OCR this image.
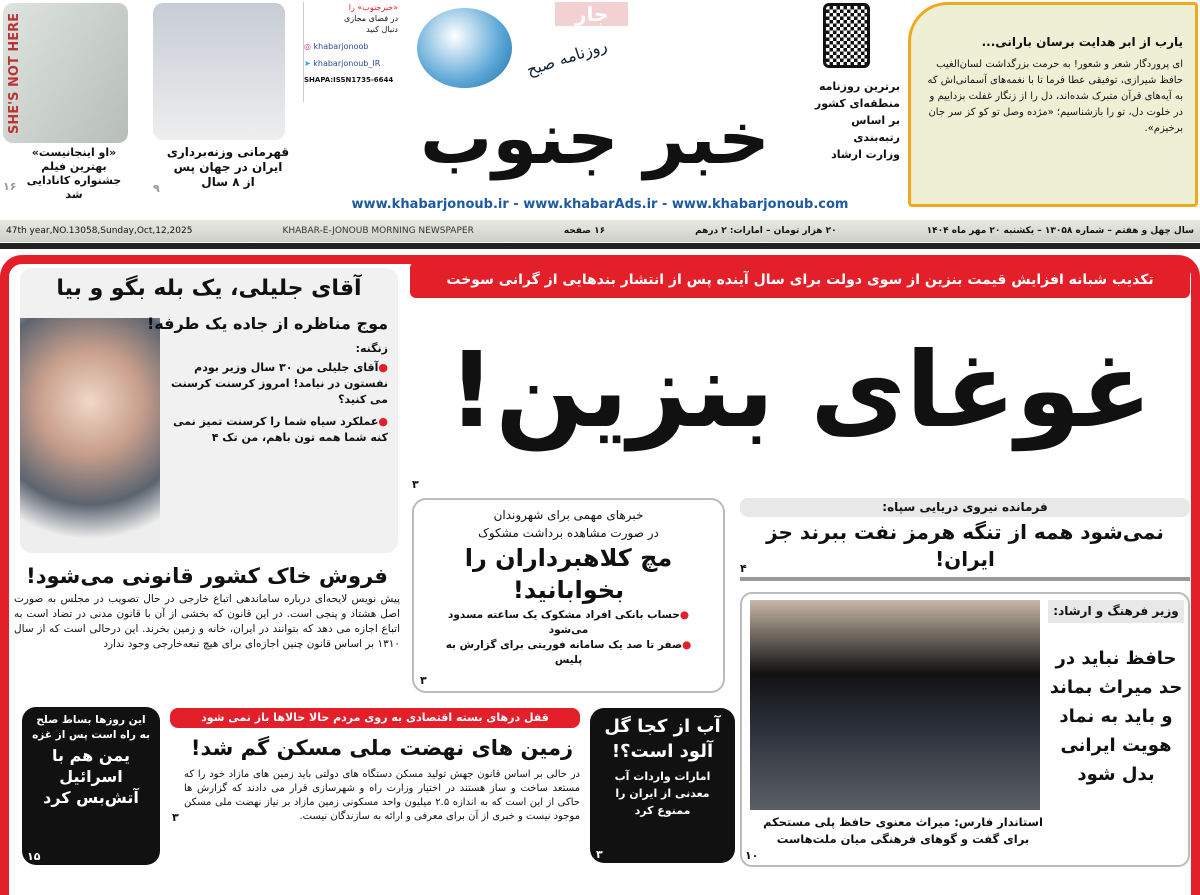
SHE'S NOT HERE
«او اینجانیست» بهترین فیلم جشنواره کانادایی شد
۱۶
قهرمانی وزنه‌برداری ایران در جهان پس از ۸ سال
۹
«خبرجنوب» را
در فضای مجازی
دنبال کنید
◎ khabarjonoob
➤ khabarjonoub_IR
SHAPA:ISSN1735-6644
جار
روزنامه صبح
خبر جنوب
www.khabarjonoub.ir - www.khabarAds.ir - www.khabarjonoub.com
برترین روزنامه
منطقه‌ای کشور
بر اساس
رتبه‌بندی
وزارت ارشاد
یارب از ابر هدایت برسان بارانی...
ای پروردگار شعر و شعور! به حرمت بزرگداشت لسان‌الغیب حافظ شیرازی، توفیقی عطا فرما تا با نغمه‌های آسمانی‌اش که به آیه‌های قرآن متبرک شده‌اند، دل را از زنگار غفلت بزداییم و در خلوت دل، تو را بازشناسیم؛ «مژده وصل تو کو کز سر جان برخیزم».
47th year,NO.13058,Sunday,Oct,12,2025	KHABAR-E-JONOUB MORNING NEWSPAPER	۱۶ صفحه	۲۰ هزار تومان – امارات: ۲ درهم	سال چهل و هفتم – شماره ۱۳۰۵۸ – یکشنبه ۲۰ مهر ماه ۱۴۰۴
تکذیب شبانه افزایش قیمت بنزین از سوی دولت برای سال آینده پس از انتشار بندهایی از گرانی سوخت
غوغای بنزین!
۳
آقای جلیلی، یک بله بگو و بیا
موج مناظره از جاده یک طرفه!
زنگنه:
●آقای جلیلی من ۳۰ سال وزیر بودم نفستون در نیامد! امروز کرسنت کرسنت می کنید؟
●عملکرد سیاه شما را کرسنت تمیز نمی کنه شما همه تون باهم، من تک ۴
فروش خاک کشور قانونی می‌شود!
پیش نویس لایحه‌ای درباره ساماندهی اتباع خارجی در حال تصویب در مجلس به صورت اصل هشتاد و پنجی است. در این قانون که بخشی از آن با قانون مدنی در تضاد است به اتباع اجازه می دهد که بتوانند در ایران، خانه و زمین بخرند. این درحالی است که از سال ۱۳۱۰ بر اساس قانون چنین اجازه‌ای برای هیچ تبعه‌خارجی وجود ندارد
خبرهای مهمی برای شهروندان
در صورت مشاهده برداشت مشکوک
مچ کلاهبرداران را بخوابانید!
●حساب بانکی افراد مشکوک یک ساعته مسدود می‌شود
●صفر تا صد یک سامانه فوریتی برای گزارش به پلیس
۳
فرمانده نیروی دریایی سپاه:
نمی‌شود همه از تنگه هرمز نفت ببرند جز ایران!
۴
وزیر فرهنگ و ارشاد:
حافظ نباید در حد میراث بماند و باید به نماد هویت ایرانی بدل شود
استاندار فارس: میراث معنوی حافظ پلی مستحکم برای گفت و گوهای فرهنگی میان ملت‌هاست
۱۰
این روزها بساط صلح به راه است پس از غزه
یمن هم با اسرائیل آتش‌بس کرد
۱۵
قفل درهای بسته اقتصادی به روی مردم حالا حالاها باز نمی شود
زمین های نهضت ملی مسکن گم شد!
در حالی بر اساس قانون جهش تولید مسکن دستگاه های دولتی باید زمین های مازاد خود را که مستعد ساخت و ساز هستند در اختیار وزارت راه و شهرسازی قرار می دادند که گزارش ها حاکی از این است که به اندازه ۲.۵ میلیون واحد مسکونی زمین مازاد بر نیاز نهضت ملی مسکن موجود نیست و خبری از آن برای معرفی و ارائه به سازندگان نیست.
۳
آب از کجا گل آلود است؟!
امارات واردات آب معدنی از ایران را ممنوع کرد
۳
